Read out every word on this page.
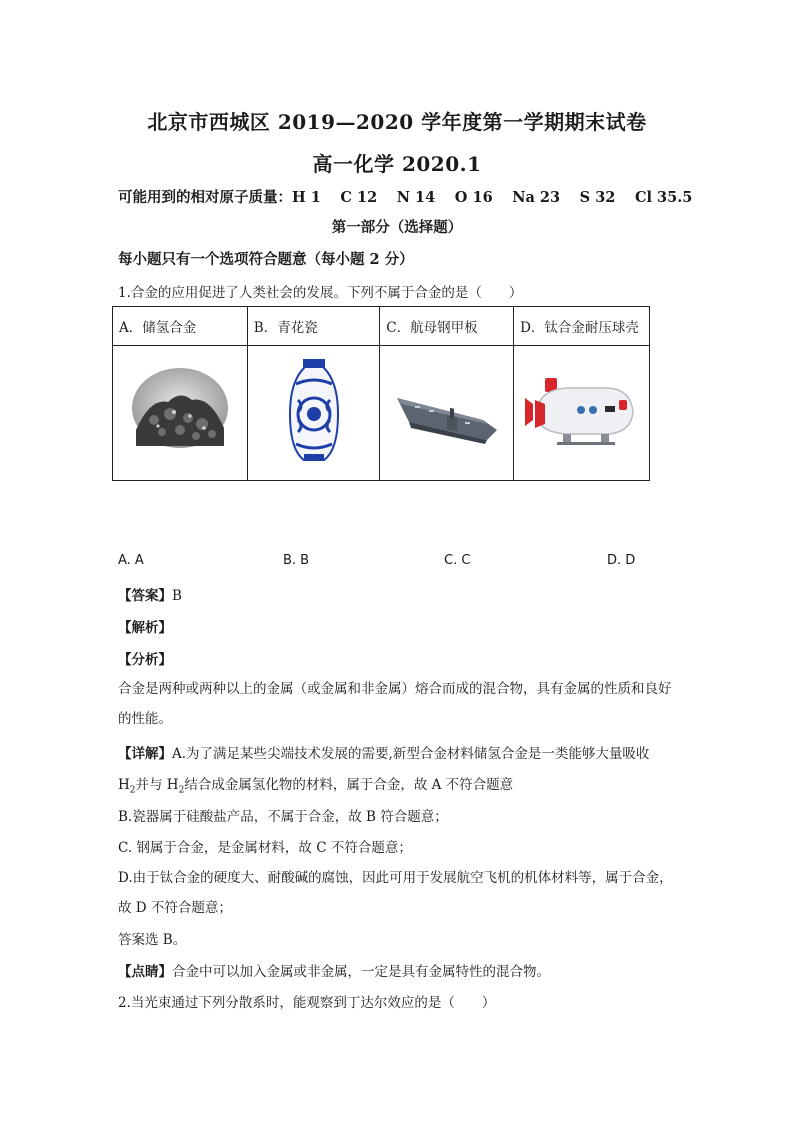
北京市西城区 2019—2020 学年度第一学期期末试卷
高一化学 2020.1
可能用到的相对原子质量：H 1　 C 12　 N 14　 O 16　 Na 23　 S 32　 Cl 35.5
第一部分（选择题）
每小题只有一个选项符合题意（每小题 2 分）
1.合金的应用促进了人类社会的发展。下列不属于合金的是（　　）
A．储氢合金	B．青花瓷	C．航母钢甲板	D．钛合金耐压球壳

A. A	B. B	C. C	D. D
【答案】B
【解析】
【分析】
合金是两种或两种以上的金属（或金属和非金属）熔合而成的混合物，具有金属的性质和良好的性能。
【详解】A.为了满足某些尖端技术发展的需要,新型合金材料储氢合金是一类能够大量吸收
$H_2$并与 $H_2$结合成金属氢化物的材料，属于合金，故 A 不符合题意
B.瓷器属于硅酸盐产品，不属于合金，故 B 符合题意；
C. 钢属于合金，是金属材料，故 C 不符合题意；
D.由于钛合金的硬度大、耐酸碱的腐蚀，因此可用于发展航空飞机的机体材料等，属于合金，
故 D 不符合题意；
答案选 B。
【点睛】合金中可以加入金属或非金属，一定是具有金属特性的混合物。
2.当光束通过下列分散系时，能观察到丁达尔效应的是（　　）
